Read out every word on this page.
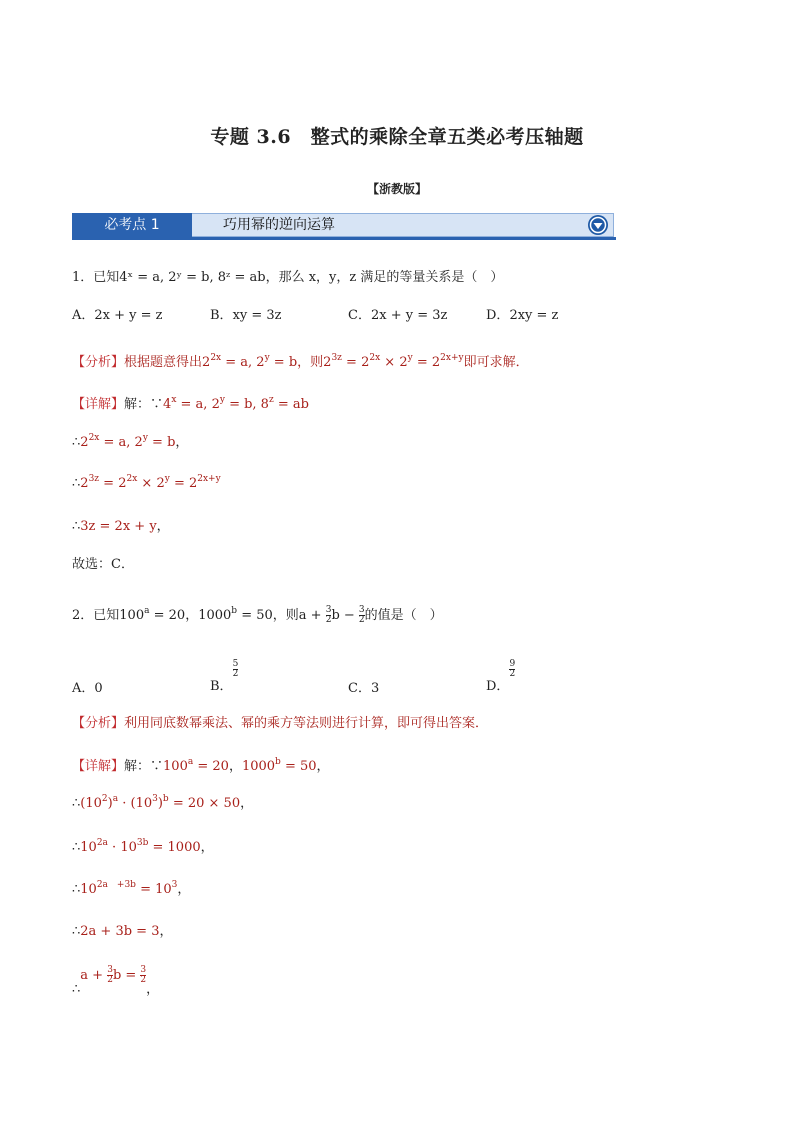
专题 3.6　整式的乘除全章五类必考压轴题
【浙教版】
巧用幂的逆向运算
必考点 1
1．已知4ˣ = a, 2ʸ = b, 8ᶻ = ab，那么 x，y，z 满足的等量关系是（　）
A．2x + y = z	B．xy = 3z	C．2x + y = 3z	D．2xy = z
【分析】根据题意得出$2^{2x} = a$, $2^y = b$，则$2^{3z} = 2^{2x} \times 2^y = 2^{2x+y}$即可求解．
【详解】解：$\because 4^x = a$, $2^y = b$, $8^z$ = ab
$\therefore 2^{2x} = a$, $2^y = b$，
$\therefore 2^{3z} = 2^{2x} \times 2^y = 2^{2x+y}$
∴3z = 2x + y，
故选：C．
2．已知$100^a = 20$，$1000^b = 50$，则$a + \frac{3}{2}$ $b - \frac{3}{2}$ 的值是（　）
A．0	B．
$\frac{5}{2}$
C．3	D．
$\frac{9}{2}$
【分析】利用同底数幂乘法、幂的乘方等法则进行计算，即可得出答案．
【详解】解：$\because 100^a = 20$，$1000^b = 50$，
$\therefore(10^2)^a \cdot (10^3)^b = 20 \times 50$，
$\therefore 10^{2a} \cdot 10^{3b} = 1000$，
$\therefore 10^{2a +3b} = 10^3$，
∴2a + 3b = 3，
∴a + $\frac{3}{2}$ $b = \frac{3}{2}$
，
